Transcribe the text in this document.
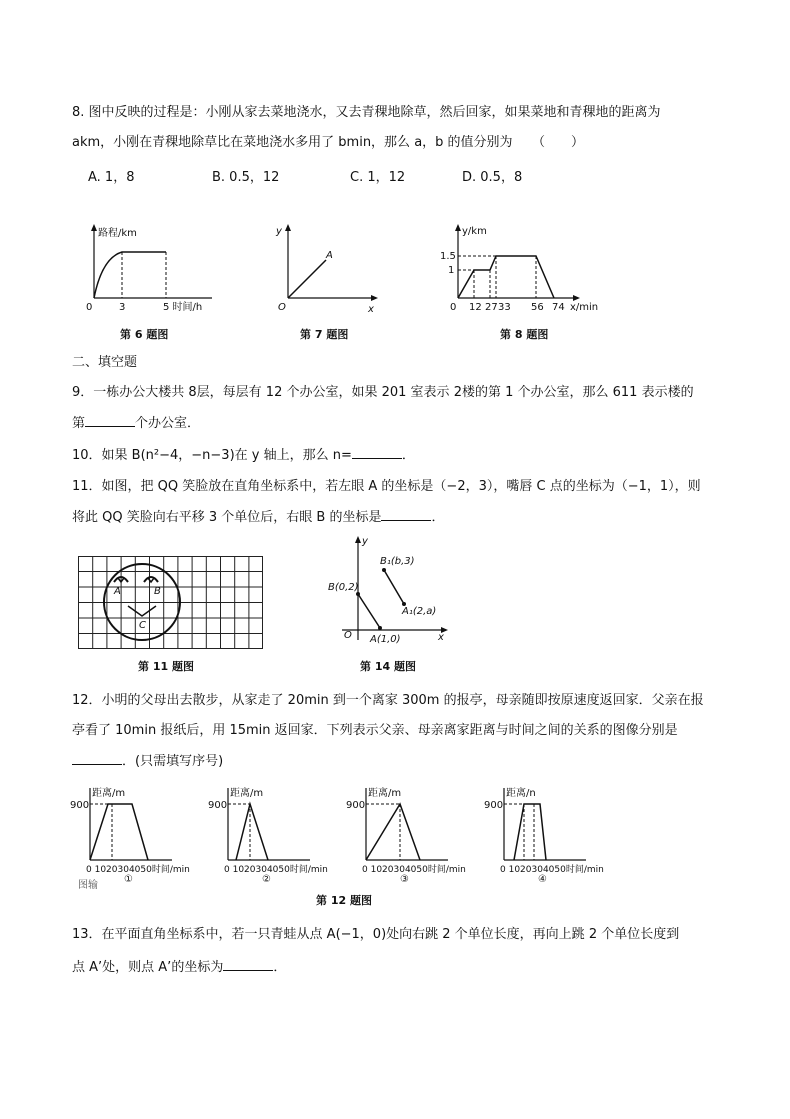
8. 图中反映的过程是：小刚从家去菜地浇水，又去青稞地除草，然后回家，如果菜地和青稞地的距离为
akm，小刚在青稞地除草比在菜地浇水多用了 bmin，那么 a，b 的值分别为　　（　　）
A. 1，8	B. 0.5，12	C. 1，12	D. 0.5，8
路程/km
0	3	5 时间/h
第 6 题图
y
A
O	x
第 7 题图
y/km
1.5
1
0 12 27 33 56 74 x/min
第 8 题图
二、填空题
9．一栋办公大楼共 8层，每层有 12 个办公室，如果 201 室表示 2楼的第 1 个办公室，那么 611 表示楼的
第	个办公室．
10．如果 B(n²−4，−n−3)在 y 轴上，那么 n=	．
11．如图，把 QQ 笑脸放在直角坐标系中，若左眼 A 的坐标是（−2，3），嘴唇 C 点的坐标为（−1，1），则
将此 QQ 笑脸向右平移 3 个单位后，右眼 B 的坐标是	．
A	B
C
第 11 题图
y
B₁(b,3)
B(0,2)
A₁(2,a)
O A(1,0)	x
第 14 题图
12．小明的父母出去散步，从家走了 20min 到一个离家 300m 的报亭，母亲随即按原速度返回家．父亲在报
亭看了 10min 报纸后，用 15min 返回家．下列表示父亲、母亲离家距离与时间之间的关系的图像分别是
．(只需填写序号)
距离/m
900
0 1020304050时间/min
①
距离/m
900
0 1020304050时间/min
②
距离/m
900
0 1020304050时间/min
③
距离/n
900
0 1020304050时间/min
④
图输
第 12 题图
13．在平面直角坐标系中，若一只青蛙从点 A(−1，0)处向右跳 2 个单位长度，再向上跳 2 个单位长度到
点 A’处，则点 A’的坐标为	．
